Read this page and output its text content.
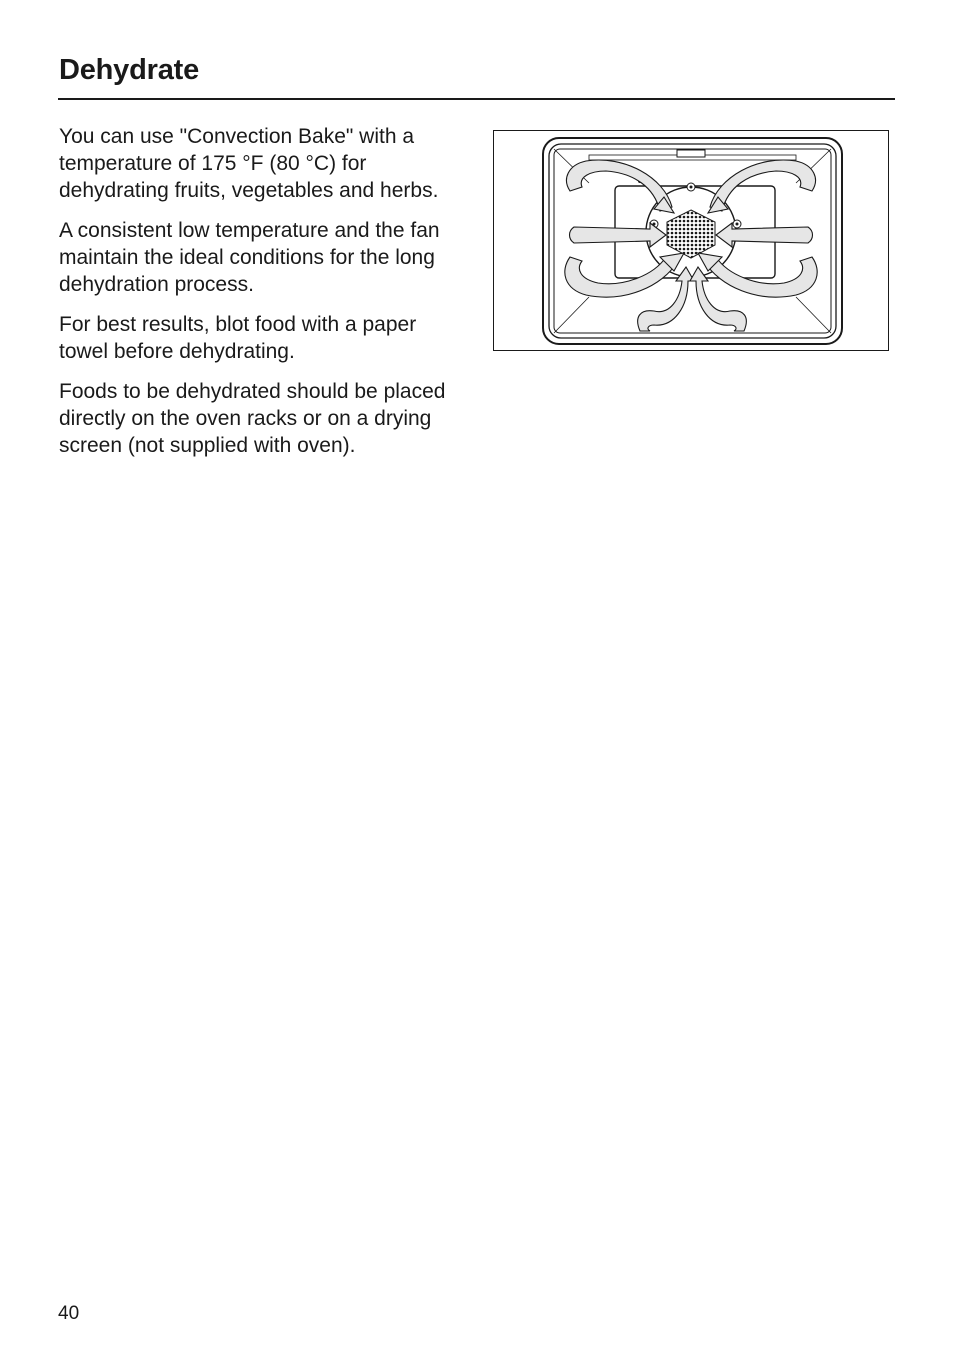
Dehydrate

You can use "Convection Bake" with a temperature of 175 °F (80 °C) for dehydrating fruits, vegetables and herbs.

A consistent low temperature and the fan maintain the ideal conditions for the long dehydration process.

For best results, blot food with a paper towel before dehydrating.

Foods to be dehydrated should be placed directly on the oven racks or on a drying screen (not supplied with oven).

40
